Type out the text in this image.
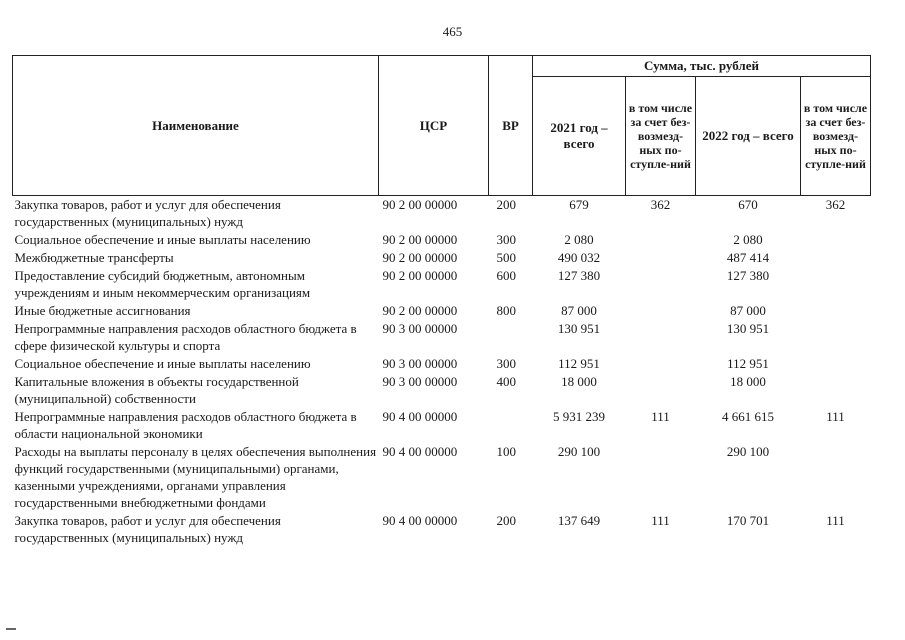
465
Наименование	ЦСР	ВР	Сумма, тыс. рублей			
			2021 год – всего	в том числе за счет без-возмезд-ных по-ступле-ний	2022 год – всего	в том числе за счет без-возмезд-ных по-ступле-ний
Закупка товаров, работ и услуг для обеспечения государственных (муниципальных) нужд	90 2 00 00000	200	679	362	670	362
Социальное обеспечение и иные выплаты населению	90 2 00 00000	300	2 080		2 080	
Межбюджетные трансферты	90 2 00 00000	500	490 032		487 414	
Предоставление субсидий бюджетным, автономным учреждениям и иным некоммерческим организациям	90 2 00 00000	600	127 380		127 380	
Иные бюджетные ассигнования	90 2 00 00000	800	87 000		87 000	
Непрограммные направления расходов областного бюджета в сфере физической культуры и спорта	90 3 00 00000		130 951		130 951	
Социальное обеспечение и иные выплаты населению	90 3 00 00000	300	112 951		112 951	
Капитальные вложения в объекты государственной (муниципальной) собственности	90 3 00 00000	400	18 000		18 000	
Непрограммные направления расходов областного бюджета в области национальной экономики	90 4 00 00000		5 931 239	111	4 661 615	111
Расходы на выплаты персоналу в целях обеспечения выполнения функций государственными (муниципальными) органами, казенными учреждениями, органами управления государственными внебюджетными фондами	90 4 00 00000	100	290 100		290 100	
Закупка товаров, работ и услуг для обеспечения государственных (муниципальных) нужд	90 4 00 00000	200	137 649	111	170 701	111
